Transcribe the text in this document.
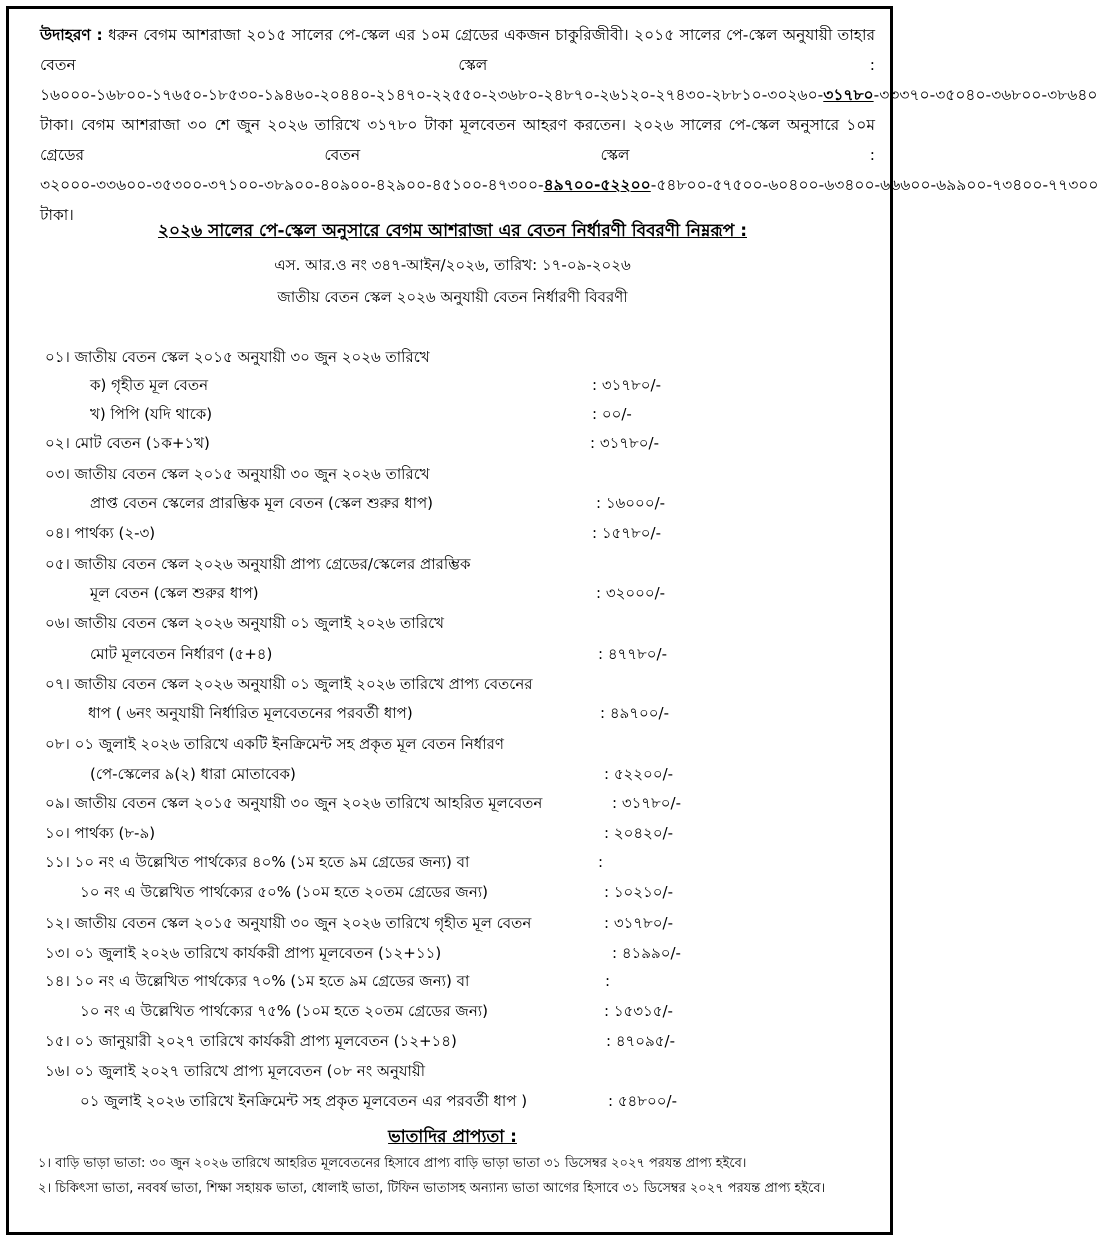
উদাহরণ : ধরুন বেগম আশরাজা ২০১৫ সালের পে-স্কেল এর ১০ম গ্রেডের একজন চাকুরিজীবী। ২০১৫ সালের পে-স্কেল অনুযায়ী তাহার বেতন স্কেল : ১৬০০০-১৬৮০০-১৭৬৫০-১৮৫৩০-১৯৪৬০-২০৪৪০-২১৪৭০-২২৫৫০-২৩৬৮০-২৪৮৭০-২৬১২০-২৭৪৩০-২৮৮১০-৩০২৬০-৩১৭৮০-৩৩৩৭০-৩৫০৪০-৩৬৮০০-৩৮৬৪০ টাকা। বেগম আশরাজা ৩০ শে জুন ২০২৬ তারিখে ৩১৭৮০ টাকা মূলবেতন আহরণ করতেন। ২০২৬ সালের পে-স্কেল অনুসারে ১০ম গ্রেডের বেতন স্কেল : ৩২০০০-৩৩৬০০-৩৫৩০০-৩৭১০০-৩৮৯০০-৪০৯০০-৪২৯০০-৪৫১০০-৪৭৩০০-৪৯৭০০-৫২২০০-৫৪৮০০-৫৭৫০০-৬০৪০০-৬৩৪০০-৬৬৬০০-৬৯৯০০-৭৩৪০০-৭৭৩০০ টাকা।
২০২৬ সালের পে-স্কেল অনুসারে বেগম আশরাজা এর বেতন নির্ধারণী বিবরণী নিম্নরূপ :
এস. আর.ও নং ৩৪৭-আইন/২০২৬, তারিখ: ১৭-০৯-২০২৬
জাতীয় বেতন স্কেল ২০২৬ অনুযায়ী বেতন নির্ধারণী বিবরণী
০১। জাতীয় বেতন স্কেল ২০১৫ অনুযায়ী ৩০ জুন ২০২৬ তারিখে
ক) গৃহীত মূল বেতন	: ৩১৭৮০/-
খ) পিপি (যদি থাকে)	: ০০/-
০২। মোট বেতন (১ক+১খ)	: ৩১৭৮০/-
০৩। জাতীয় বেতন স্কেল ২০১৫ অনুযায়ী ৩০ জুন ২০২৬ তারিখে
প্রাপ্ত বেতন স্কেলের প্রারম্ভিক মূল বেতন (স্কেল শুরুর ধাপ)	: ১৬০০০/-
০৪। পার্থক্য (২-৩)	: ১৫৭৮০/-
০৫। জাতীয় বেতন স্কেল ২০২৬ অনুযায়ী প্রাপ্য গ্রেডের/স্কেলের প্রারম্ভিক
মূল বেতন (স্কেল শুরুর ধাপ)	: ৩২০০০/-
০৬। জাতীয় বেতন স্কেল ২০২৬ অনুযায়ী ০১ জুলাই ২০২৬ তারিখে
মোট মূলবেতন নির্ধারণ (৫+৪)	: ৪৭৭৮০/-
০৭। জাতীয় বেতন স্কেল ২০২৬ অনুযায়ী ০১ জুলাই ২০২৬ তারিখে প্রাপ্য বেতনের
ধাপ ( ৬নং অনুযায়ী নির্ধারিত মূলবেতনের পরবর্তী ধাপ)	: ৪৯৭০০/-
০৮। ০১ জুলাই ২০২৬ তারিখে একটি ইনক্রিমেন্ট সহ প্রকৃত মূল বেতন নির্ধারণ
(পে-স্কেলের ৯(২) ধারা মোতাবেক)	: ৫২২০০/-
০৯। জাতীয় বেতন স্কেল ২০১৫ অনুযায়ী ৩০ জুন ২০২৬ তারিখে আহরিত মূলবেতন	: ৩১৭৮০/-
১০। পার্থক্য (৮-৯)	: ২০৪২০/-
১১। ১০ নং এ উল্লেখিত পার্থক্যের ৪০% (১ম হতে ৯ম গ্রেডের জন্য) বা	:
১০ নং এ উল্লেখিত পার্থক্যের ৫০% (১০ম হতে ২০তম গ্রেডের জন্য)	: ১০২১০/-
১২। জাতীয় বেতন স্কেল ২০১৫ অনুযায়ী ৩০ জুন ২০২৬ তারিখে গৃহীত মূল বেতন	: ৩১৭৮০/-
১৩। ০১ জুলাই ২০২৬ তারিখে কার্যকরী প্রাপ্য মূলবেতন (১২+১১)	: ৪১৯৯০/-
১৪। ১০ নং এ উল্লেখিত পার্থক্যের ৭০% (১ম হতে ৯ম গ্রেডের জন্য) বা	:
১০ নং এ উল্লেখিত পার্থক্যের ৭৫% (১০ম হতে ২০তম গ্রেডের জন্য)	: ১৫৩১৫/-
১৫। ০১ জানুয়ারী ২০২৭ তারিখে কার্যকরী প্রাপ্য মূলবেতন (১২+১৪)	: ৪৭০৯৫/-
১৬। ০১ জুলাই ২০২৭ তারিখে প্রাপ্য মূলবেতন (০৮ নং অনুযায়ী
০১ জুলাই ২০২৬ তারিখে ইনক্রিমেন্ট সহ প্রকৃত মূলবেতন এর পরবর্তী ধাপ )	: ৫৪৮০০/-
ভাতাদির প্রাপ্যতা :
১। বাড়ি ভাড়া ভাতা: ৩০ জুন ২০২৬ তারিখে আহরিত মূলবেতনের হিসাবে প্রাপ্য বাড়ি ভাড়া ভাতা ৩১ ডিসেম্বর ২০২৭ পরযন্ত প্রাপ্য হইবে।
২। চিকিৎসা ভাতা, নববর্ষ ভাতা, শিক্ষা সহায়ক ভাতা, ধোলাই ভাতা, টিফিন ভাতাসহ অন্যান্য ভাতা আগের হিসাবে ৩১ ডিসেম্বর ২০২৭ পরযন্ত প্রাপ্য হইবে।
